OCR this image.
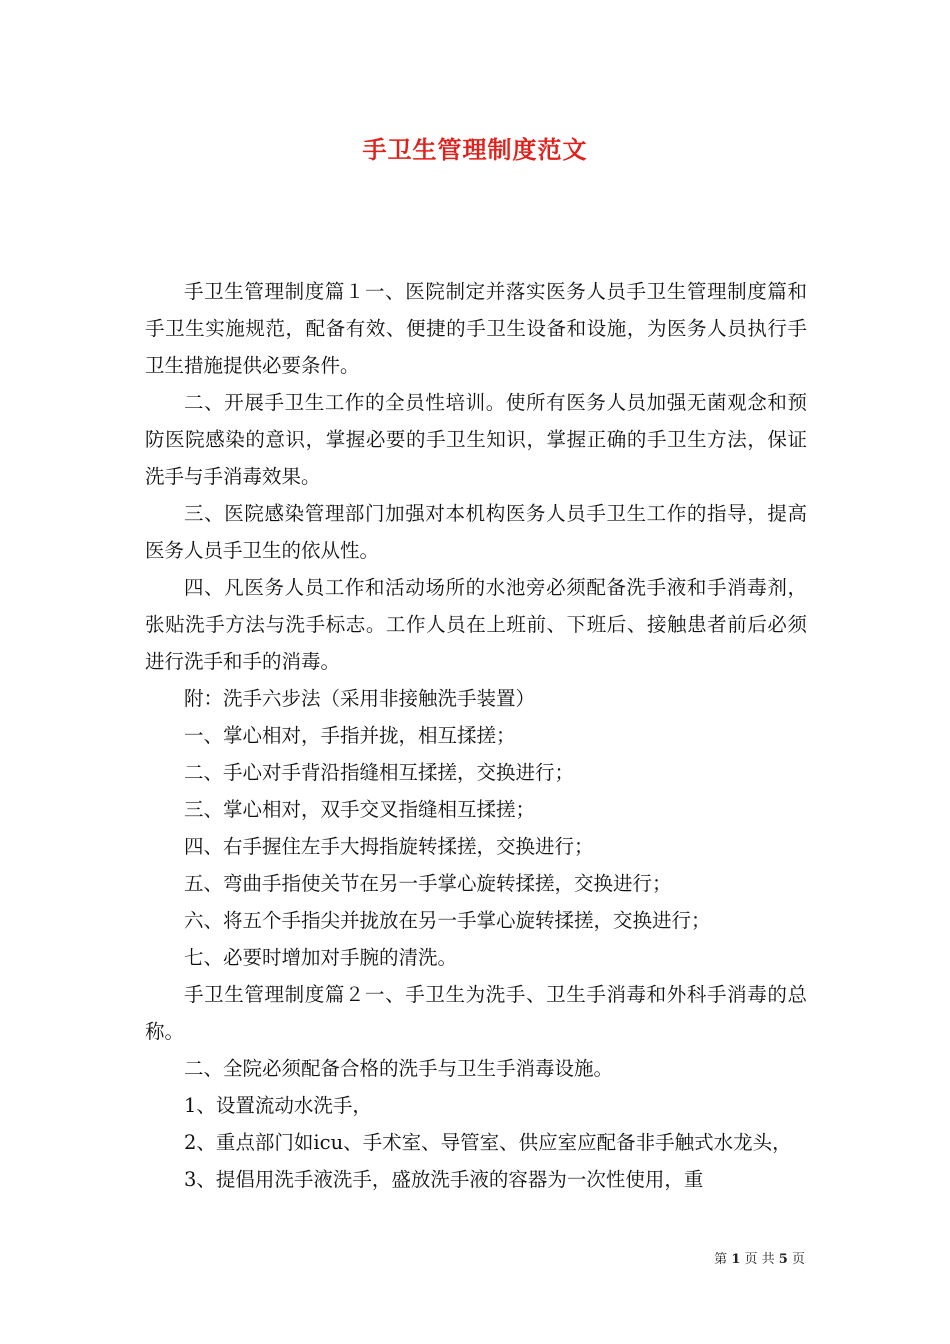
手卫生管理制度范文

手卫生管理制度篇１一、医院制定并落实医务人员手卫生管理制度篇和手卫生实施规范，配备有效、便捷的手卫生设备和设施，为医务人员执行手卫生措施提供必要条件。

二、开展手卫生工作的全员性培训。使所有医务人员加强无菌观念和预防医院感染的意识，掌握必要的手卫生知识，掌握正确的手卫生方法，保证洗手与手消毒效果。

三、医院感染管理部门加强对本机构医务人员手卫生工作的指导，提高医务人员手卫生的依从性。

四、凡医务人员工作和活动场所的水池旁必须配备洗手液和手消毒剂，张贴洗手方法与洗手标志。工作人员在上班前、下班后、接触患者前后必须进行洗手和手的消毒。

附：洗手六步法（采用非接触洗手装置）

一、掌心相对，手指并拢，相互揉搓；

二、手心对手背沿指缝相互揉搓，交换进行；

三、掌心相对，双手交叉指缝相互揉搓；

四、右手握住左手大拇指旋转揉搓，交换进行；

五、弯曲手指使关节在另一手掌心旋转揉搓，交换进行；

六、将五个手指尖并拢放在另一手掌心旋转揉搓，交换进行；

七、必要时增加对手腕的清洗。

手卫生管理制度篇２一、手卫生为洗手、卫生手消毒和外科手消毒的总称。

二、全院必须配备合格的洗手与卫生手消毒设施。

1、设置流动水洗手，

2、重点部门如icu、手术室、导管室、供应室应配备非手触式水龙头，

3、提倡用洗手液洗手，盛放洗手液的容器为一次性使用，重

第 1 页 共 5 页
